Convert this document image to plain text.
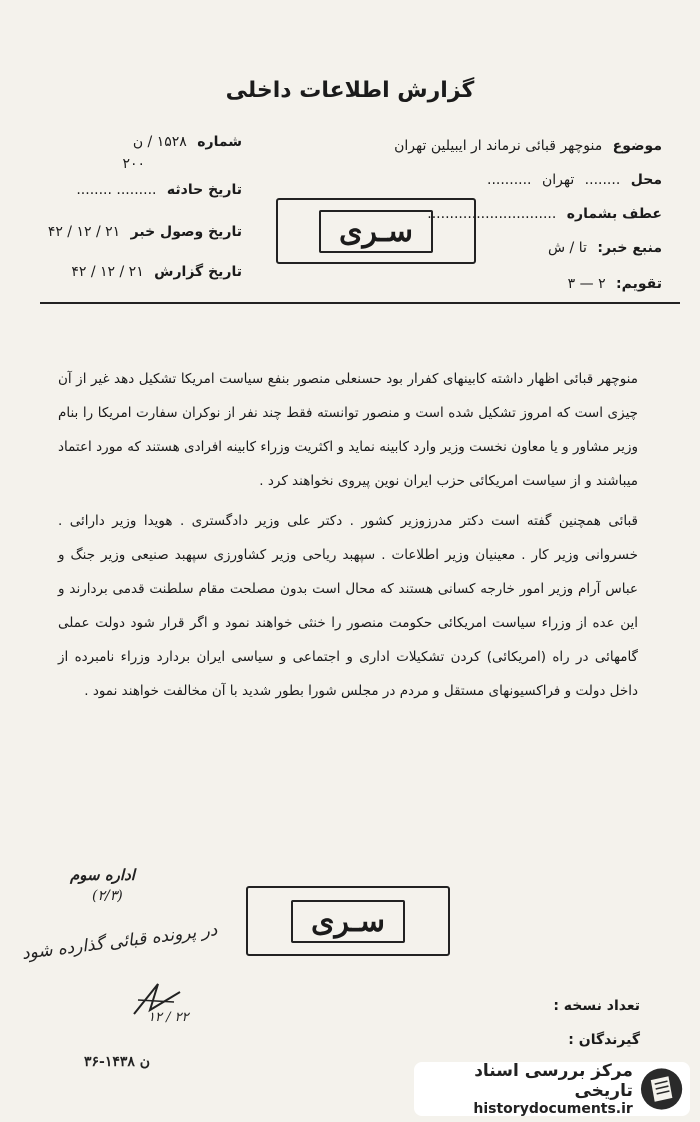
گزارش اطلاعات داخلی
موضوع منوچهر قبائی نرماند ار ایبیلین تهران
محل ........ تهران ..........
عطف بشماره .............................
منبع خبر: تا / ش
تقویم: ۲ — ۳
شماره ۱۵۲۸ / ن
۲۰۰
تاریخ حادثه ......... ........
تاریخ وصول خبر ۲۱ / ۱۲ / ۴۲
تاریخ گزارش ۲۱ / ۱۲ / ۴۲
سـری

منوچهر قبائی اظهار داشته کابینهای کفرار بود حسنعلی منصور بنفع سیاست امریکا تشکیل دهد غیر از آن چیزی است که امروز تشکیل شده است و منصور توانسته فقط چند نفر از نوکران سفارت امریکا را بنام وزیر مشاور و یا معاون نخست وزیر وارد کابینه نماید و اکثریت وزراء کابینه افرادی هستند که مورد اعتماد میباشند و از سیاست امریکائی حزب ایران نوین پیروی نخواهند کرد .

قبائی همچنین گفته است دکتر مدرزوزیر کشور . دکتر علی وزیر دادگستری . هویدا وزیر دارائی . خسروانی وزیر کار . معینیان وزیر اطلاعات . سپهبد ریاحی وزیر کشاورزی سپهبد صنیعی وزیر جنگ و عباس آرام وزیر امور خارجه کسانی هستند که محال است بدون مصلحت مقام سلطنت قدمی بردارند و این عده از وزراء سیاست امریکائی حکومت منصور را خنثی خواهند نمود و اگر قرار شود دولت عملی گامهائی در راه (امریکائی) کردن تشکیلات اداری و اجتماعی و سیاسی ایران بردارد وزراء نامبرده از داخل دولت و فراکسیونهای مستقل و مردم در مجلس شورا بطور شدید با آن مخالفت خواهند نمود .

سـری
اداره سوم
(۲/۳)
در پرونده قبائی گذارده شود
۲۲ / ۱۲
ن ۱۴۳۸-۳۶
تعداد نسخه :
گیرندگان :
مرکز بررسی اسناد تاریخی
historydocuments.ir
